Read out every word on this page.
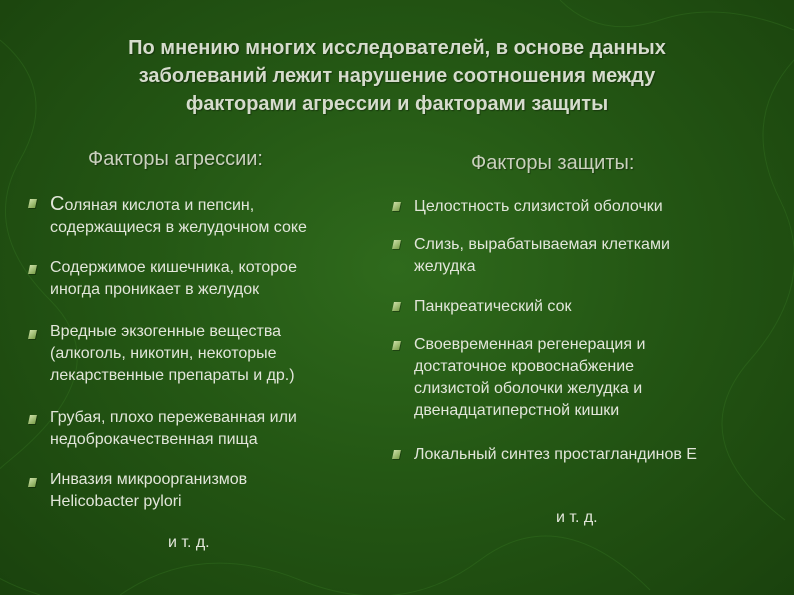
По мнению многих исследователей, в основе данных
заболеваний лежит нарушение соотношения между
факторами агрессии и факторами защиты
Факторы агрессии:
Соляная кислота и пепсин,
содержащиеся в желудочном соке
Содержимое кишечника, которое
иногда проникает в желудок
Вредные экзогенные вещества
(алкоголь, никотин, некоторые
лекарственные препараты и др.)
Грубая, плохо пережеванная или
недоброкачественная пища
Инвазия микроорганизмов
Helicobacter pylori
и т. д.
Факторы защиты:
Целостность слизистой оболочки
Слизь, вырабатываемая клетками
желудка
Панкреатический сок
Своевременная регенерация и
достаточное кровоснабжение
слизистой оболочки желудка и
двенадцатиперстной кишки
Локальный синтез простагландинов Е
и т. д.
